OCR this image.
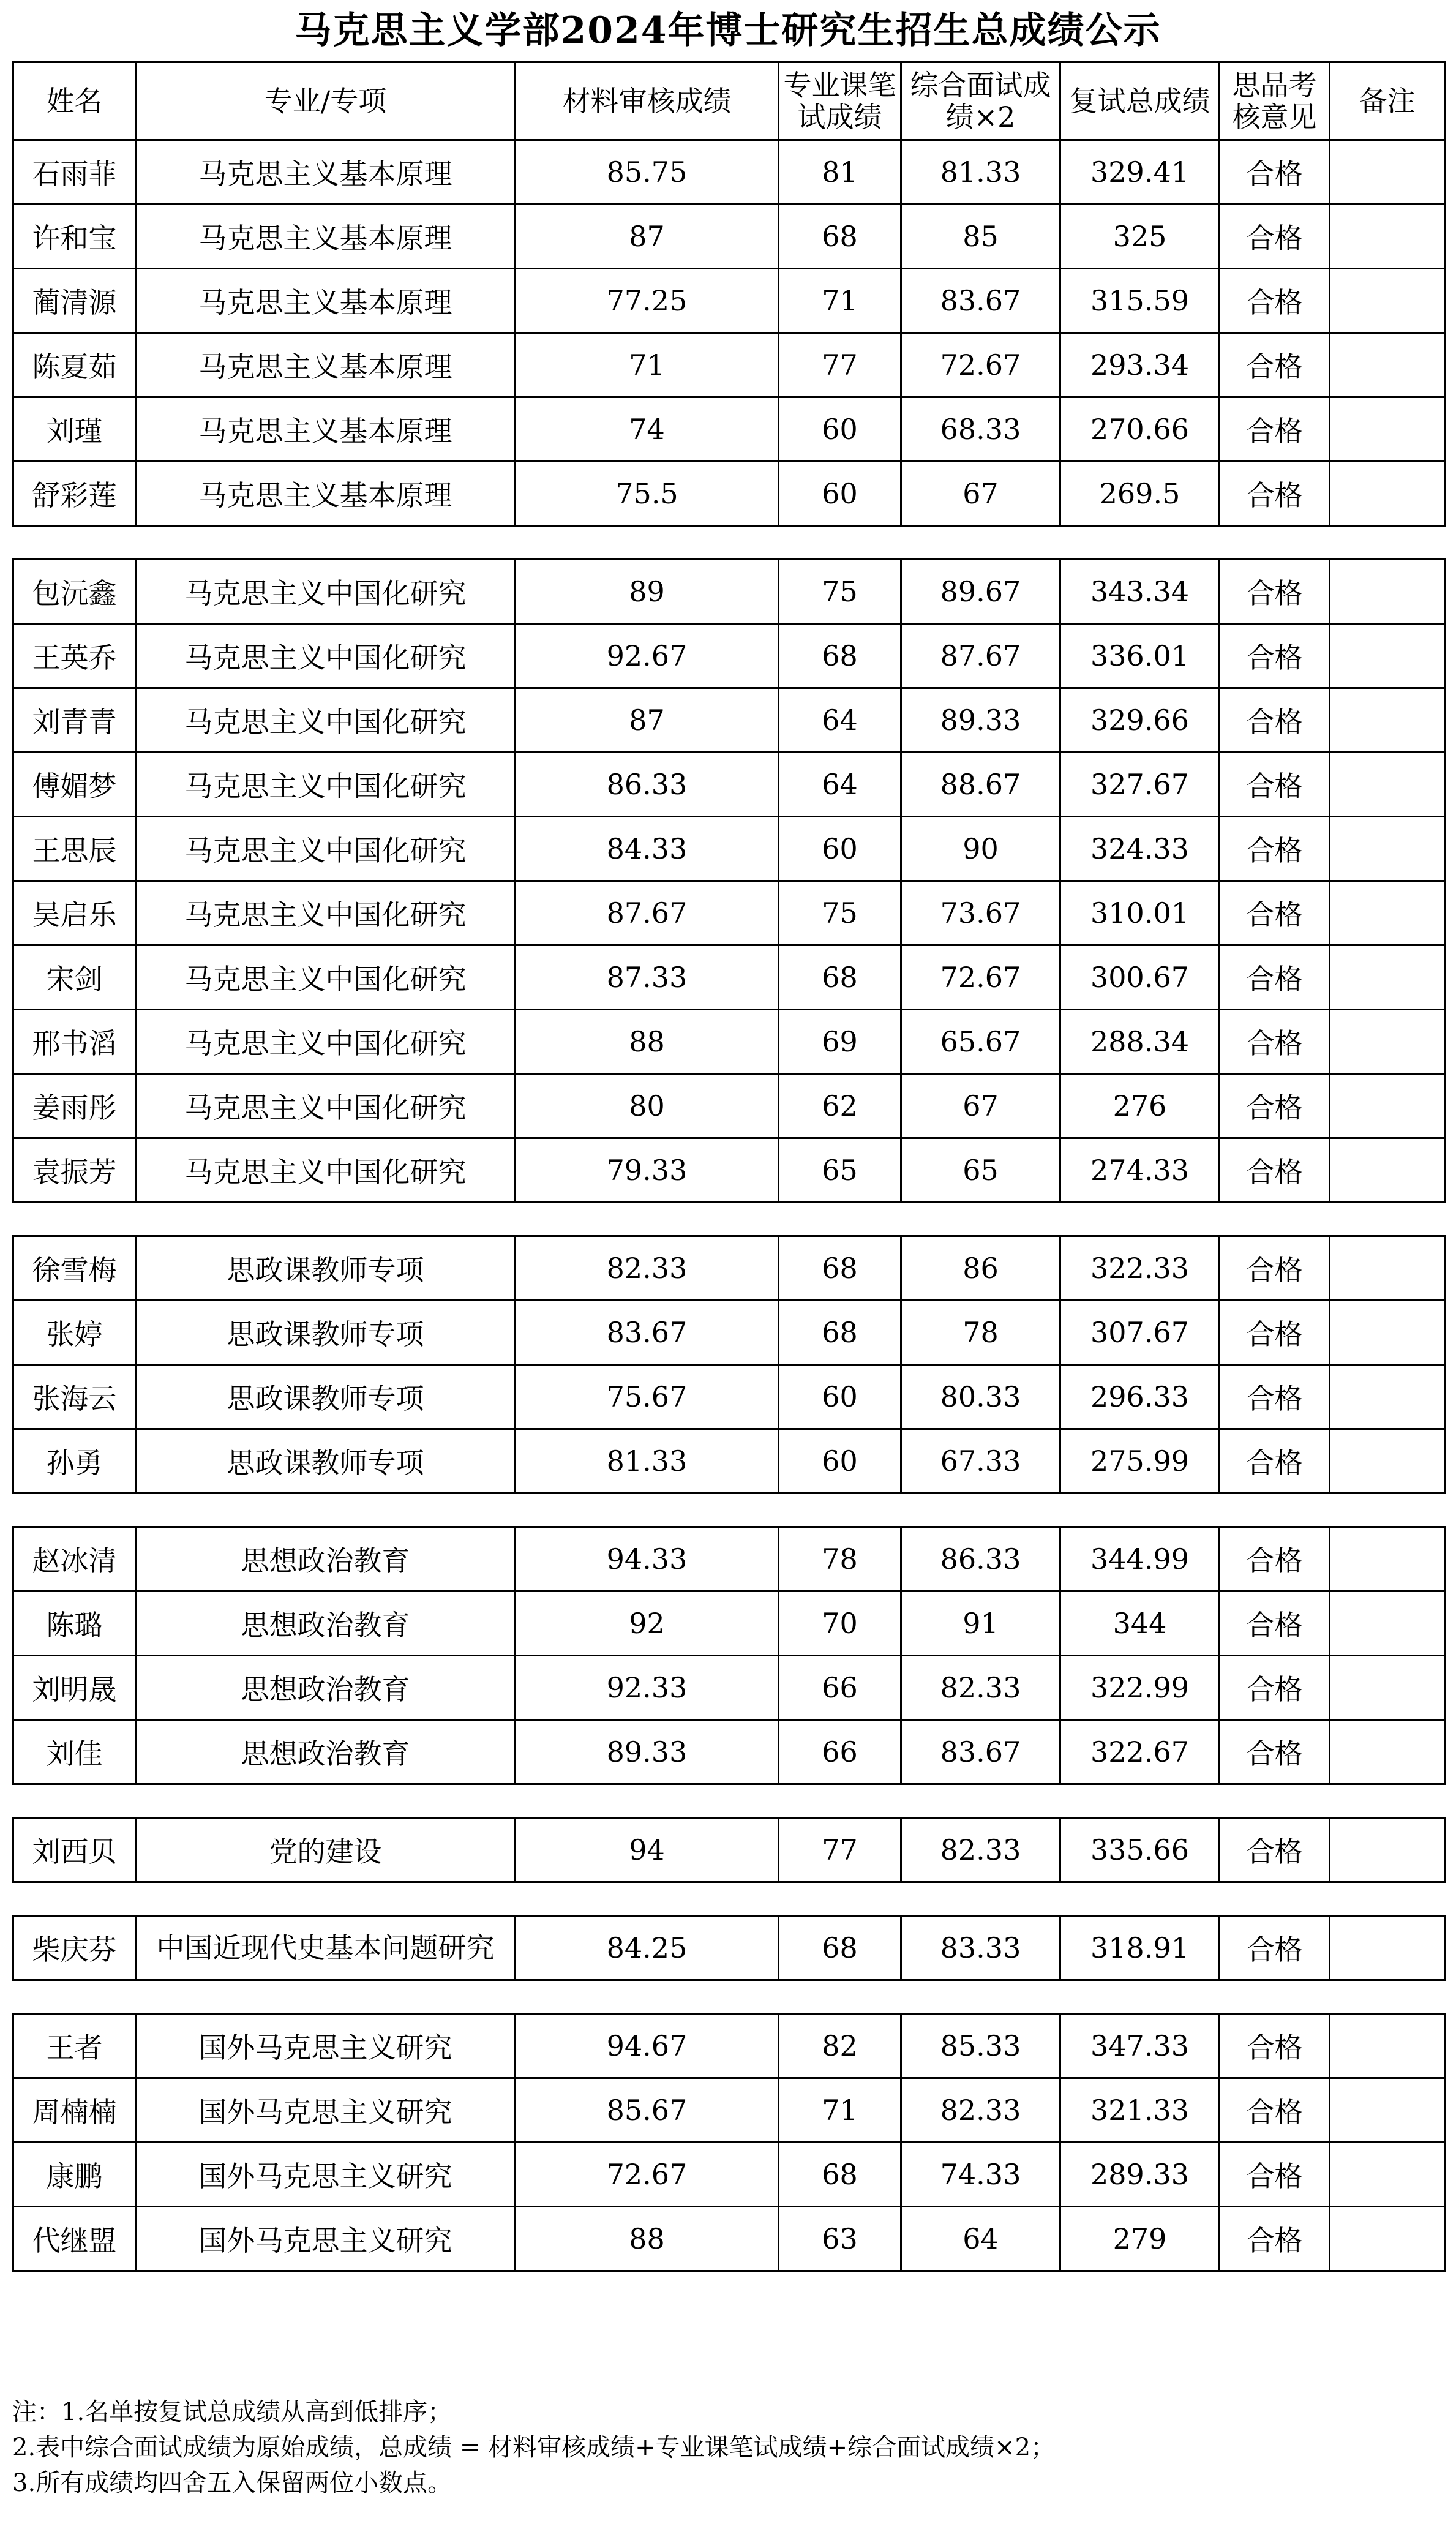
马克思主义学部2024年博士研究生招生总成绩公示
姓名	专业/专项	材料审核成绩	专业课笔试成绩	综合面试成绩×2	复试总成绩	思品考核意见	备注
石雨菲	马克思主义基本原理	85.75	81	81.33	329.41	合格	
许和宝	马克思主义基本原理	87	68	85	325	合格	
蔺清源	马克思主义基本原理	77.25	71	83.67	315.59	合格	
陈夏茹	马克思主义基本原理	71	77	72.67	293.34	合格	
刘瑾	马克思主义基本原理	74	60	68.33	270.66	合格	
舒彩莲	马克思主义基本原理	75.5	60	67	269.5	合格	

包沅鑫	马克思主义中国化研究	89	75	89.67	343.34	合格	
王英乔	马克思主义中国化研究	92.67	68	87.67	336.01	合格	
刘青青	马克思主义中国化研究	87	64	89.33	329.66	合格	
傅媚梦	马克思主义中国化研究	86.33	64	88.67	327.67	合格	
王思辰	马克思主义中国化研究	84.33	60	90	324.33	合格	
吴启乐	马克思主义中国化研究	87.67	75	73.67	310.01	合格	
宋剑	马克思主义中国化研究	87.33	68	72.67	300.67	合格	
邢书滔	马克思主义中国化研究	88	69	65.67	288.34	合格	
姜雨彤	马克思主义中国化研究	80	62	67	276	合格	
袁振芳	马克思主义中国化研究	79.33	65	65	274.33	合格	

徐雪梅	思政课教师专项	82.33	68	86	322.33	合格	
张婷	思政课教师专项	83.67	68	78	307.67	合格	
张海云	思政课教师专项	75.67	60	80.33	296.33	合格	
孙勇	思政课教师专项	81.33	60	67.33	275.99	合格	

赵冰清	思想政治教育	94.33	78	86.33	344.99	合格	
陈璐	思想政治教育	92	70	91	344	合格	
刘明晟	思想政治教育	92.33	66	82.33	322.99	合格	
刘佳	思想政治教育	89.33	66	83.67	322.67	合格	

刘西贝	党的建设	94	77	82.33	335.66	合格	

柴庆芬	中国近现代史基本问题研究	84.25	68	83.33	318.91	合格	

王者	国外马克思主义研究	94.67	82	85.33	347.33	合格	
周楠楠	国外马克思主义研究	85.67	71	82.33	321.33	合格	
康鹏	国外马克思主义研究	72.67	68	74.33	289.33	合格	
代继盟	国外马克思主义研究	88	63	64	279	合格	
注：1.名单按复试总成绩从高到低排序；
2.表中综合面试成绩为原始成绩，总成绩 = 材料审核成绩+专业课笔试成绩+综合面试成绩×2；
3.所有成绩均四舍五入保留两位小数点。
